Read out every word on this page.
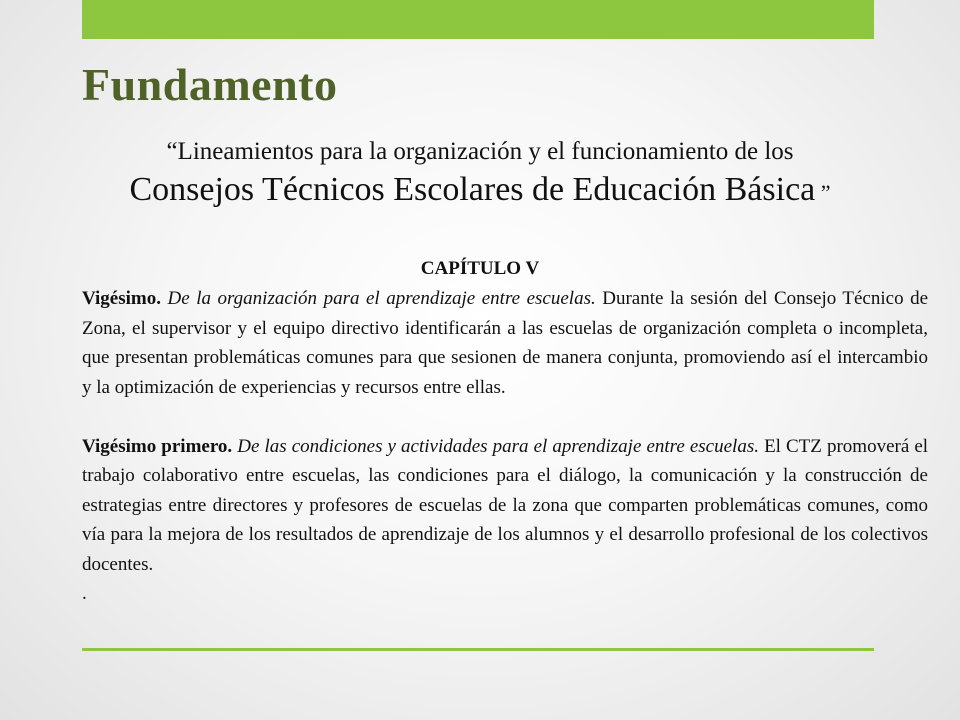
Fundamento
“Lineamientos para la organización y el funcionamiento de los
Consejos Técnicos Escolares de Educación Básica ”
CAPÍTULO V

Vigésimo. De la organización para el aprendizaje entre escuelas. Durante la sesión del Consejo Técnico de Zona, el supervisor y el equipo directivo identificarán a las escuelas de organización completa o incompleta, que presentan problemáticas comunes para que sesionen de manera conjunta, promoviendo así el intercambio y la optimización de experiencias y recursos entre ellas.

Vigésimo primero. De las condiciones y actividades para el aprendizaje entre escuelas. El CTZ promoverá el trabajo colaborativo entre escuelas, las condiciones para el diálogo, la comunicación y la construcción de estrategias entre directores y profesores de escuelas de la zona que comparten problemáticas comunes, como vía para la mejora de los resultados de aprendizaje de los alumnos y el desarrollo profesional de los colectivos docentes.

.
